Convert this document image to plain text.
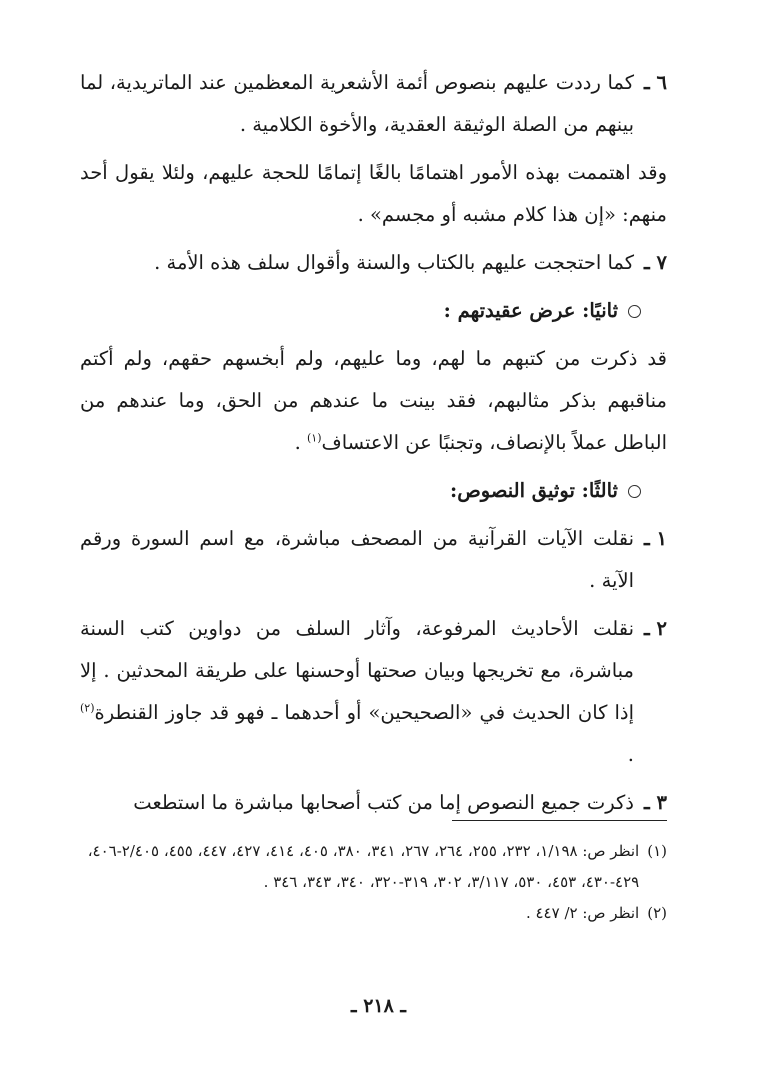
٦ ـ
كما رددت عليهم بنصوص أئمة الأشعرية المعظمين عند الماتريدية، لما بينهم من الصلة الوثيقة العقدية، والأخوة الكلامية .

وقد اهتممت بهذه الأمور اهتمامًا بالغًا إتمامًا للحجة عليهم، ولئلا يقول أحد منهم: «إن هذا كلام مشبه أو مجسم» .

٧ ـ
كما احتججت عليهم بالكتاب والسنة وأقوال سلف هذه الأمة .
ثانيًا: عرض عقيدتهم :

قد ذكرت من كتبهم ما لهم، وما عليهم، ولم أبخسهم حقهم، ولم أكتم مناقبهم بذكر مثالبهم، فقد بينت ما عندهم من الحق، وما عندهم من الباطل عملاً بالإنصاف، وتجنبًا عن الاعتساف$^{(١)}$ .

ثالثًا: توثيق النصوص:
١ ـ
نقلت الآيات القرآنية من المصحف مباشرة، مع اسم السورة ورقم الآية .
٢ ـ
نقلت الأحاديث المرفوعة، وآثار السلف من دواوين كتب السنة مباشرة، مع تخريجها وبيان صحتها أوحسنها على طريقة المحدثين . إلا إذا كان الحديث في «الصحيحين» أو أحدهما ـ فهو قد جاوز القنطرة$^{(٢)}$ .
٣ ـ
ذكرت جميع النصوص إما من كتب أصحابها مباشرة ما استطعت
(١)
انظر ص: ١/١٩٨، ٢٣٢، ٢٥٥، ٢٦٤، ٢٦٧، ٣٤١، ٣٨٠، ٤٠٥، ٤١٤، ٤٢٧، ٤٤٧، ٤٥٥، ٢/٤٠٥-٤٠٦، ٤٢٩-٤٣٠، ٤٥٣، ٥٣٠، ٣/١١٧، ٣٠٢، ٣١٩-٣٢٠، ٣٤٠، ٣٤٣، ٣٤٦ .
(٢)
انظر ص: ٢/ ٤٤٧ .
ـ ٢١٨ ـ
